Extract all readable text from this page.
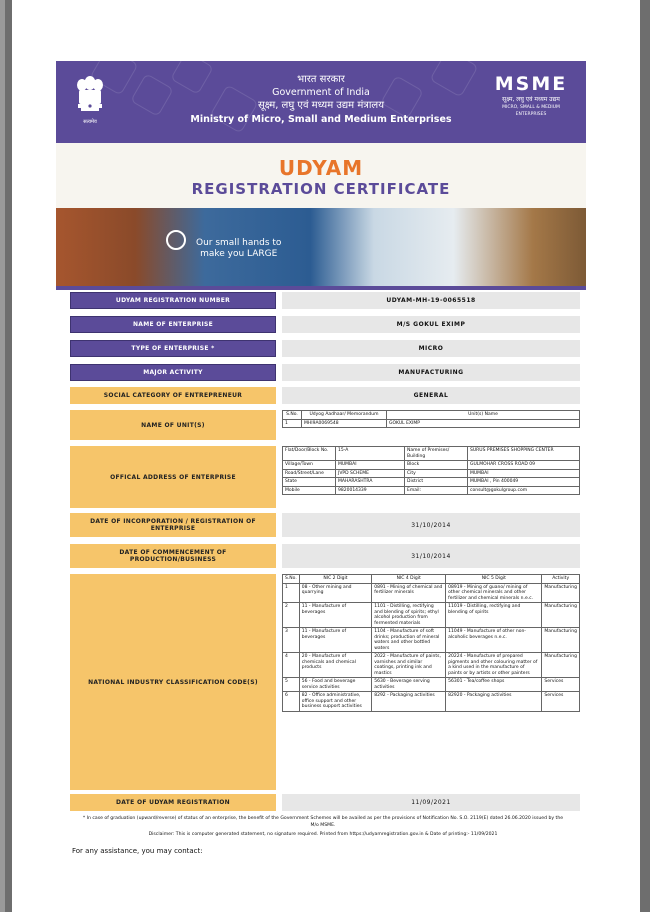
सत्यमेव
भारत सरकार
Government of India
सूक्ष्म, लघु एवं मध्यम उद्यम मंत्रालय
Ministry of Micro, Small and Medium Enterprises
MSME
सूक्ष्म, लघु एवं मध्यम उद्यम
MICRO, SMALL & MEDIUM ENTERPRISES
UDYAM
REGISTRATION CERTIFICATE
Our small hands to
make you LARGE
UDYAM REGISTRATION NUMBER	UDYAM-MH-19-0065518
NAME OF ENTERPRISE	M/S GOKUL EXIMP
TYPE OF ENTERPRISE *	MICRO
MAJOR ACTIVITY	MANUFACTURING
SOCIAL CATEGORY OF ENTREPRENEUR	GENERAL
NAME OF UNIT(S)
S.No.	Udyog Aadhaar/ Memorandum	Unit(s) Name
1	MHI9A0069548	GOKUL EXIMP
OFFICAL ADDRESS OF ENTERPRISE
Flat/Door/Block No.	15-A	Name of Premises/ Building	SURUS PREMISES SHOPPING CENTER
Village/Town	MUMBAI	Block	GULMOHAR CROSS ROAD 09
Road/Street/Lane	JVPD SCHEME	City	MUMBAI
State	MAHARASHTRA	District	MUMBAI , Pin 400049
Mobile	9820014339	Email:	consult@gokulgroup.com
DATE OF INCORPORATION / REGISTRATION OF ENTERPRISE	31/10/2014
DATE OF COMMENCEMENT OF PRODUCTION/BUSINESS	31/10/2014
NATIONAL INDUSTRY CLASSIFICATION CODE(S)
S.No.	NIC 2 Digit	NIC 4 Digit	NIC 5 Digit	Activity
1	08 - Other mining and quarrying	0891 - Mining of chemical and fertilizer minerals	08919 - Mining of guano/ mining of other chemical minerals and other fertilizer and chemical minerals n.e.c.	Manufacturing
2	11 - Manufacture of beverages	1101 - Distilling, rectifying and blending of spirits; ethyl alcohol production from fermented materials	11019 - Distilling, rectifying and blending of spirits	Manufacturing
3	11 - Manufacture of beverages	1104 - Manufacture of soft drinks; production of mineral waters and other bottled waters	11049 - Manufacture of other non-alcoholic beverages n.e.c.	Manufacturing
4	20 - Manufacture of chemicals and chemical products	2022 - Manufacture of paints, varnishes and similar coatings, printing ink and mastics	20224 - Manufacture of prepared pigments and other colouring matter of a kind used in the manufacture of paints or by artists or other painters	Manufacturing
5	56 - Food and beverage service activities	5630 - Beverage serving activities	56301 - Tea/coffee shops	Services
6	82 - Office administrative, office support and other business support activities	8292 - Packaging activities	82920 - Packaging activities	Services
DATE OF UDYAM REGISTRATION	11/09/2021
* In case of graduation (upward/reverse) of status of an enterprise, the benefit of the Government Schemes will be availed as per the provisions of Notification No. S.O. 2119(E) dated 26.06.2020 issued by the M/o MSME.
Disclaimer: This is computer generated statement, no signature required. Printed from https://udyamregistration.gov.in & Date of printing:- 11/09/2021
For any assistance, you may contact:
